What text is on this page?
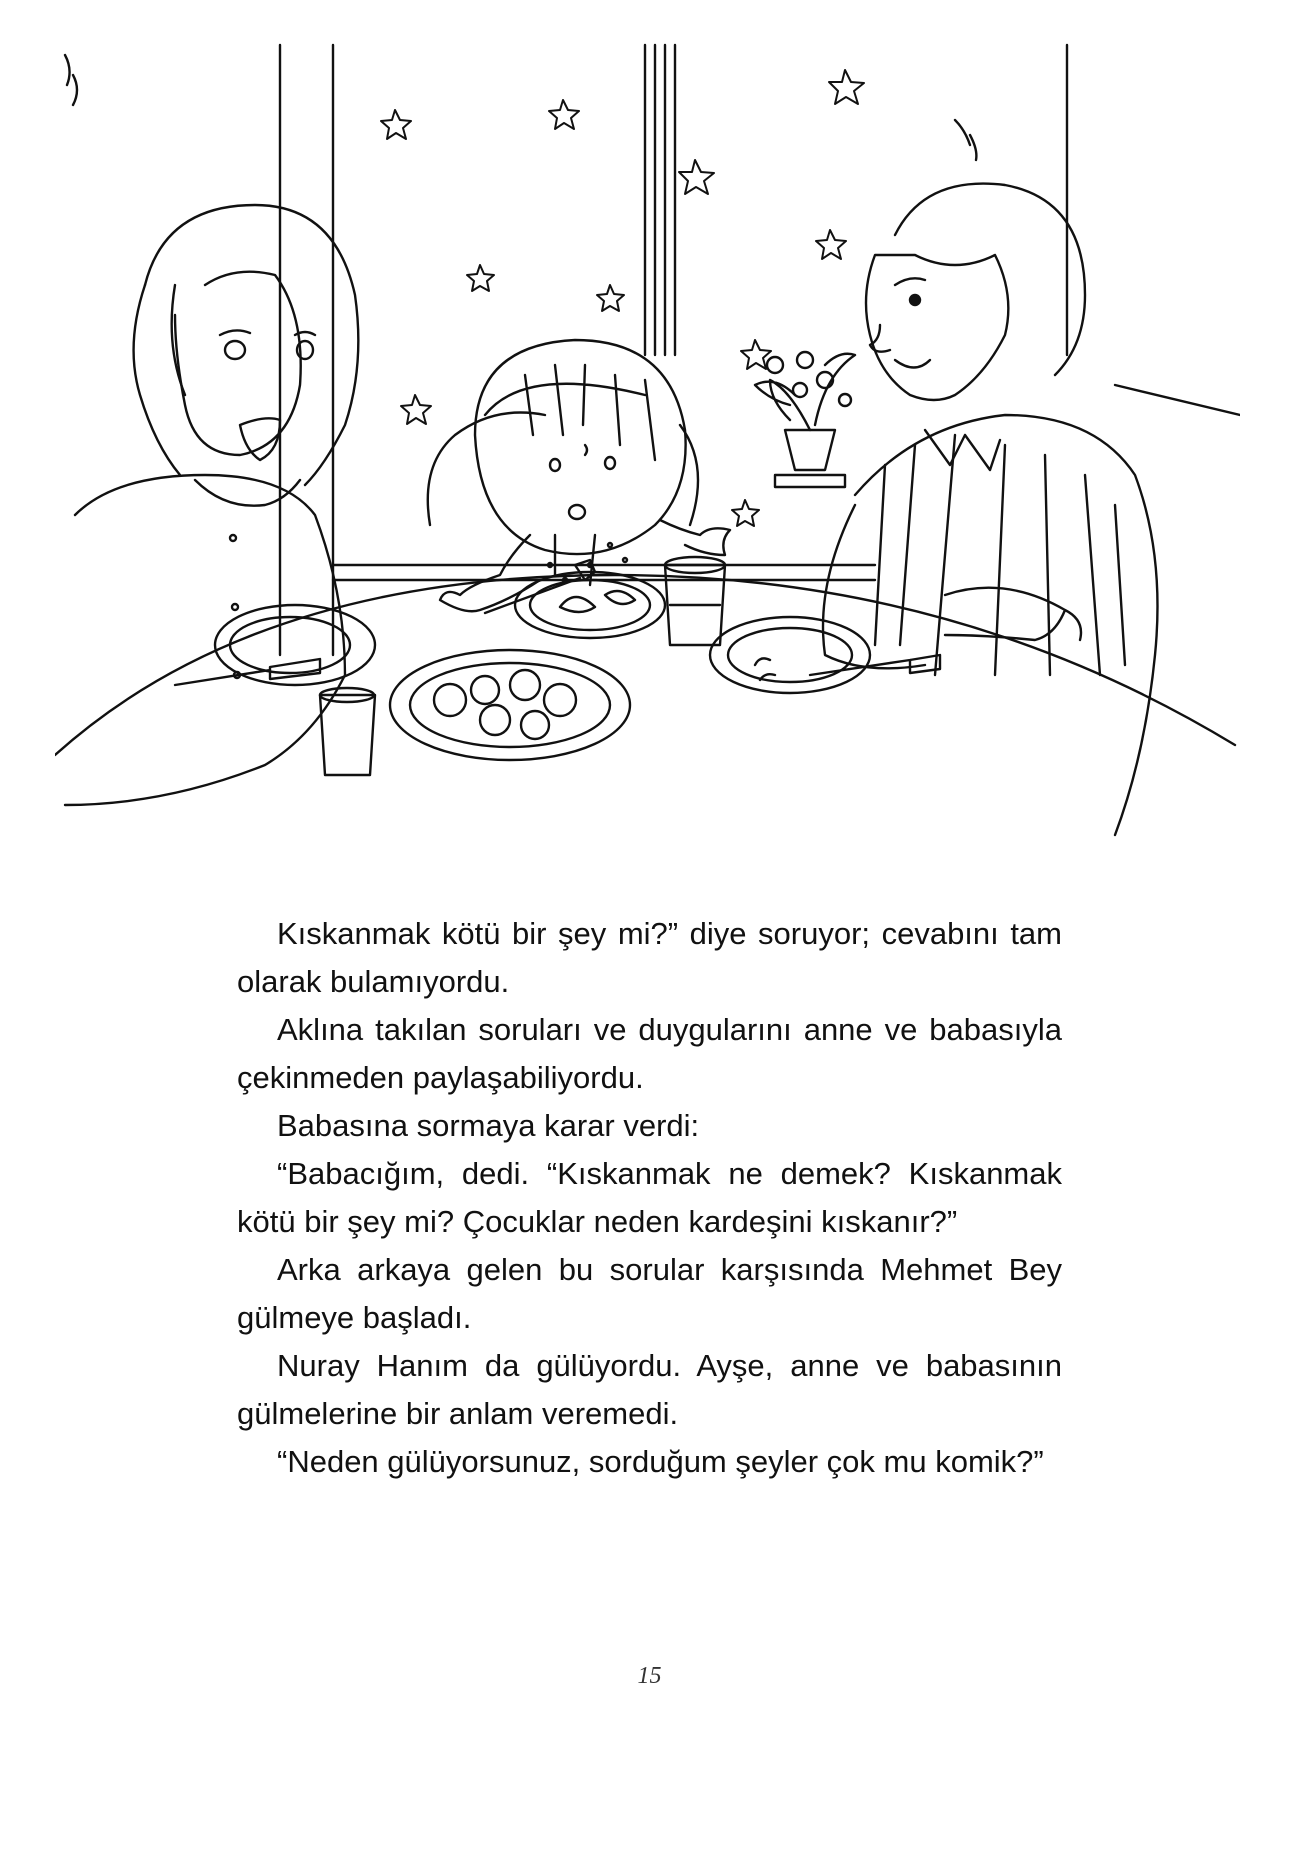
Kıskanmak kötü bir şey mi?” diye soruyor; cevabını tam olarak bulamıyordu.

Aklına takılan soruları ve duygularını anne ve babasıyla çekinmeden paylaşabiliyordu.

Babasına sormaya karar verdi:

“Babacığım, dedi. “Kıskanmak ne demek? Kıskanmak kötü bir şey mi? Çocuklar neden kardeşini kıskanır?”

Arka arkaya gelen bu sorular karşısında Mehmet Bey gülmeye başladı.

Nuray Hanım da gülüyordu. Ayşe, anne ve babasının gülmelerine bir anlam veremedi.

“Neden gülüyorsunuz, sorduğum şeyler çok mu komik?”

15
